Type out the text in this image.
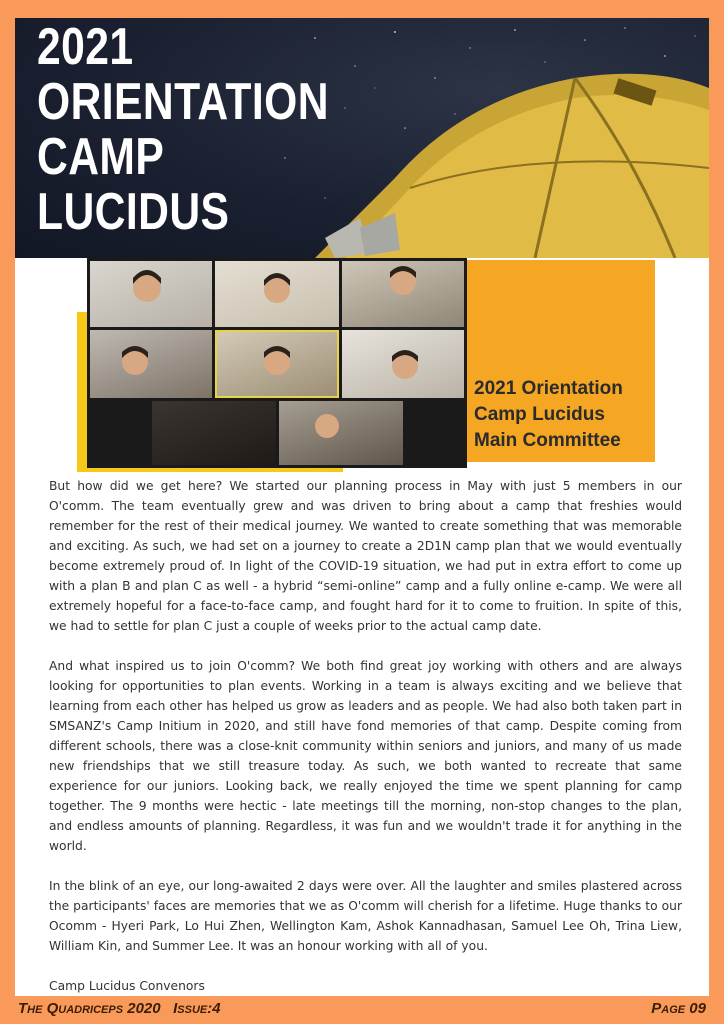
2021
ORIENTATION
CAMP
LUCIDUS
2021 Orientation
Camp Lucidus
Main Committee

But how did we get here? We started our planning process in May with just 5 members in our O'comm. The team eventually grew and was driven to bring about a camp that freshies would remember for the rest of their medical journey. We wanted to create something that was memorable and exciting. As such, we had set on a journey to create a 2D1N camp plan that we would eventually become extremely proud of. In light of the COVID-19 situation, we had put in extra effort to come up with a plan B and plan C as well - a hybrid “semi-online” camp and a fully online e-camp. We were all extremely hopeful for a face-to-face camp, and fought hard for it to come to fruition. In spite of this, we had to settle for plan C just a couple of weeks prior to the actual camp date.

And what inspired us to join O'comm? We both find great joy working with others and are always looking for opportunities to plan events. Working in a team is always exciting and we believe that learning from each other has helped us grow as leaders and as people. We had also both taken part in SMSANZ's Camp Initium in 2020, and still have fond memories of that camp. Despite coming from different schools, there was a close-knit community within seniors and juniors, and many of us made new friendships that we still treasure today. As such, we both wanted to recreate that same experience for our juniors. Looking back, we really enjoyed the time we spent planning for camp together. The 9 months were hectic - late meetings till the morning, non-stop changes to the plan, and endless amounts of planning. Regardless, it was fun and we wouldn't trade it for anything in the world.

In the blink of an eye, our long-awaited 2 days were over. All the laughter and smiles plastered across the participants' faces are memories that we as O'comm will cherish for a lifetime. Huge thanks to our Ocomm - Hyeri Park, Lo Hui Zhen, Wellington Kam, Ashok Kannadhasan, Samuel Lee Oh, Trina Liew, William Kin, and Summer Lee. It was an honour working with all of you.

Camp Lucidus Convenors

The Quadriceps 2020   Issue:4	Page 09
